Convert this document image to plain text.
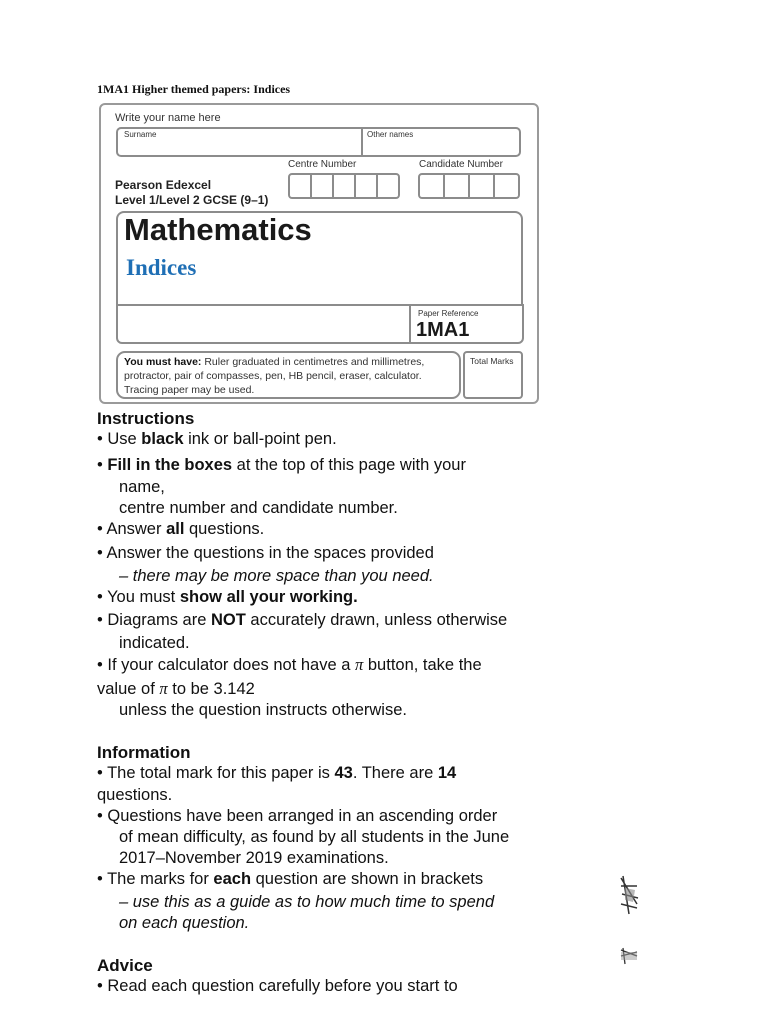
1MA1 Higher themed papers: Indices
Write your name here
Surname	Other names
Centre Number	Candidate Number
Pearson Edexcel
Level 1/Level 2 GCSE (9–1)
Mathematics
Indices
Paper Reference
1MA1
You must have: Ruler graduated in centimetres and millimetres,
protractor, pair of compasses, pen, HB pencil, eraser, calculator.
Tracing paper may be used.
Total Marks
Instructions
• Use black ink or ball-point pen.
• Fill in the boxes at the top of this page with your
name,
centre number and candidate number.
• Answer all questions.
• Answer the questions in the spaces provided
– there may be more space than you need.
• You must show all your working.
• Diagrams are NOT accurately drawn, unless otherwise
indicated.
• If your calculator does not have a π button, take the
value of π to be 3.142
unless the question instructs otherwise.
Information
• The total mark for this paper is 43. There are 14
questions.
• Questions have been arranged in an ascending order
of mean difficulty, as found by all students in the June
2017–November 2019 examinations.
• The marks for each question are shown in brackets
– use this as a guide as to how much time to spend
on each question.
Advice
• Read each question carefully before you start to
